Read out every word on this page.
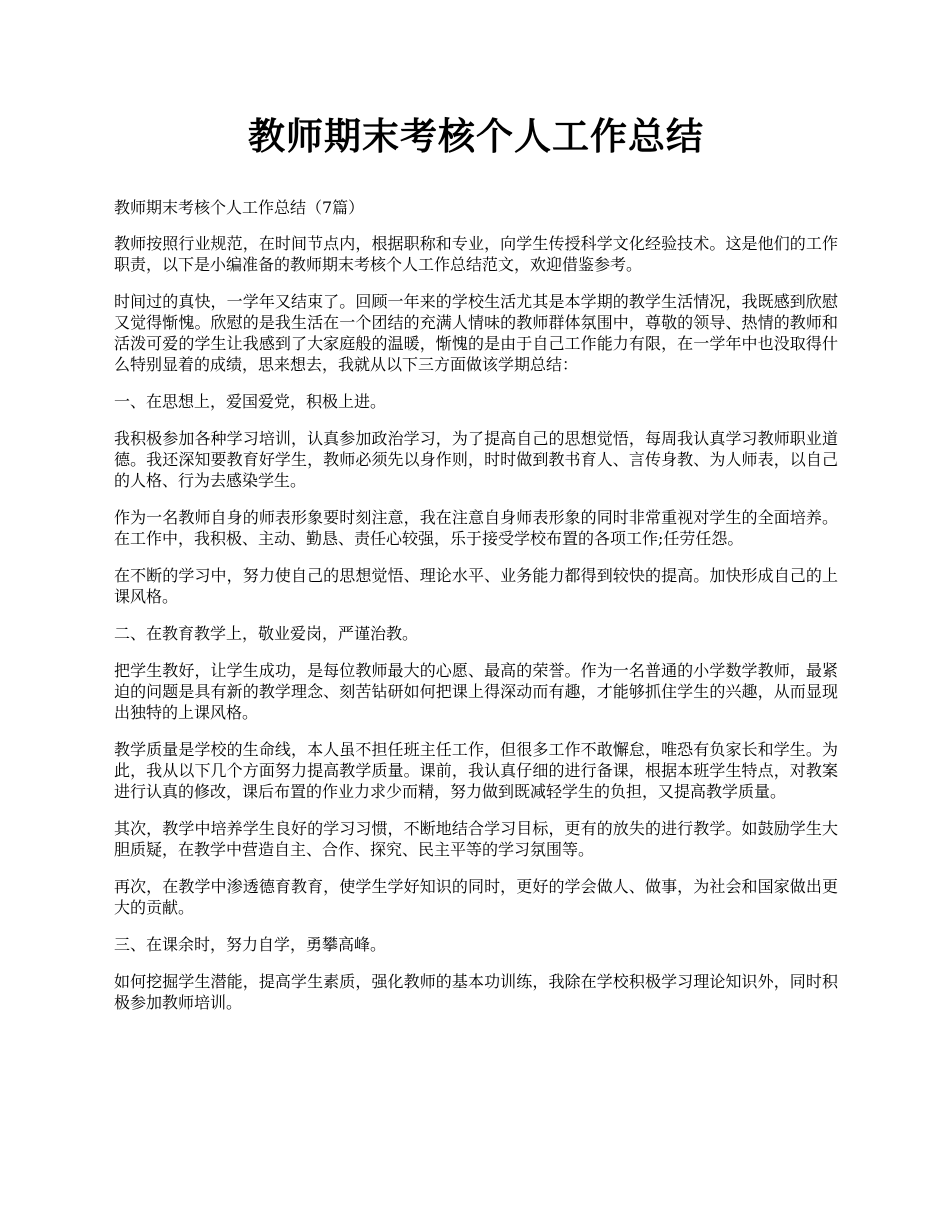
教师期末考核个人工作总结

教师期末考核个人工作总结（7篇）

教师按照行业规范，在时间节点内，根据职称和专业，向学生传授科学文化经验技术。这是他们的工作职责，以下是小编准备的教师期末考核个人工作总结范文，欢迎借鉴参考。

时间过的真快，一学年又结束了。回顾一年来的学校生活尤其是本学期的教学生活情况，我既感到欣慰又觉得惭愧。欣慰的是我生活在一个团结的充满人情味的教师群体氛围中，尊敬的领导、热情的教师和活泼可爱的学生让我感到了大家庭般的温暖，惭愧的是由于自己工作能力有限，在一学年中也没取得什么特别显着的成绩，思来想去，我就从以下三方面做该学期总结：

一、在思想上，爱国爱党，积极上进。

我积极参加各种学习培训，认真参加政治学习，为了提高自己的思想觉悟，每周我认真学习教师职业道德。我还深知要教育好学生，教师必须先以身作则，时时做到教书育人、言传身教、为人师表，以自己的人格、行为去感染学生。

作为一名教师自身的师表形象要时刻注意，我在注意自身师表形象的同时非常重视对学生的全面培养。在工作中，我积极、主动、勤恳、责任心较强，乐于接受学校布置的各项工作;任劳任怨。

在不断的学习中，努力使自己的思想觉悟、理论水平、业务能力都得到较快的提高。加快形成自己的上课风格。

二、在教育教学上，敬业爱岗，严谨治教。

把学生教好，让学生成功，是每位教师最大的心愿、最高的荣誉。作为一名普通的小学数学教师，最紧迫的问题是具有新的教学理念、刻苦钻研如何把课上得深动而有趣，才能够抓住学生的兴趣，从而显现出独特的上课风格。

教学质量是学校的生命线，本人虽不担任班主任工作，但很多工作不敢懈怠，唯恐有负家长和学生。为此，我从以下几个方面努力提高教学质量。课前，我认真仔细的进行备课，根据本班学生特点，对教案进行认真的修改，课后布置的作业力求少而精，努力做到既减轻学生的负担，又提高教学质量。

其次，教学中培养学生良好的学习习惯，不断地结合学习目标，更有的放失的进行教学。如鼓励学生大胆质疑，在教学中营造自主、合作、探究、民主平等的学习氛围等。

再次，在教学中渗透德育教育，使学生学好知识的同时，更好的学会做人、做事，为社会和国家做出更大的贡献。

三、在课余时，努力自学，勇攀高峰。

如何挖掘学生潜能，提高学生素质，强化教师的基本功训练，我除在学校积极学习理论知识外，同时积极参加教师培训。
